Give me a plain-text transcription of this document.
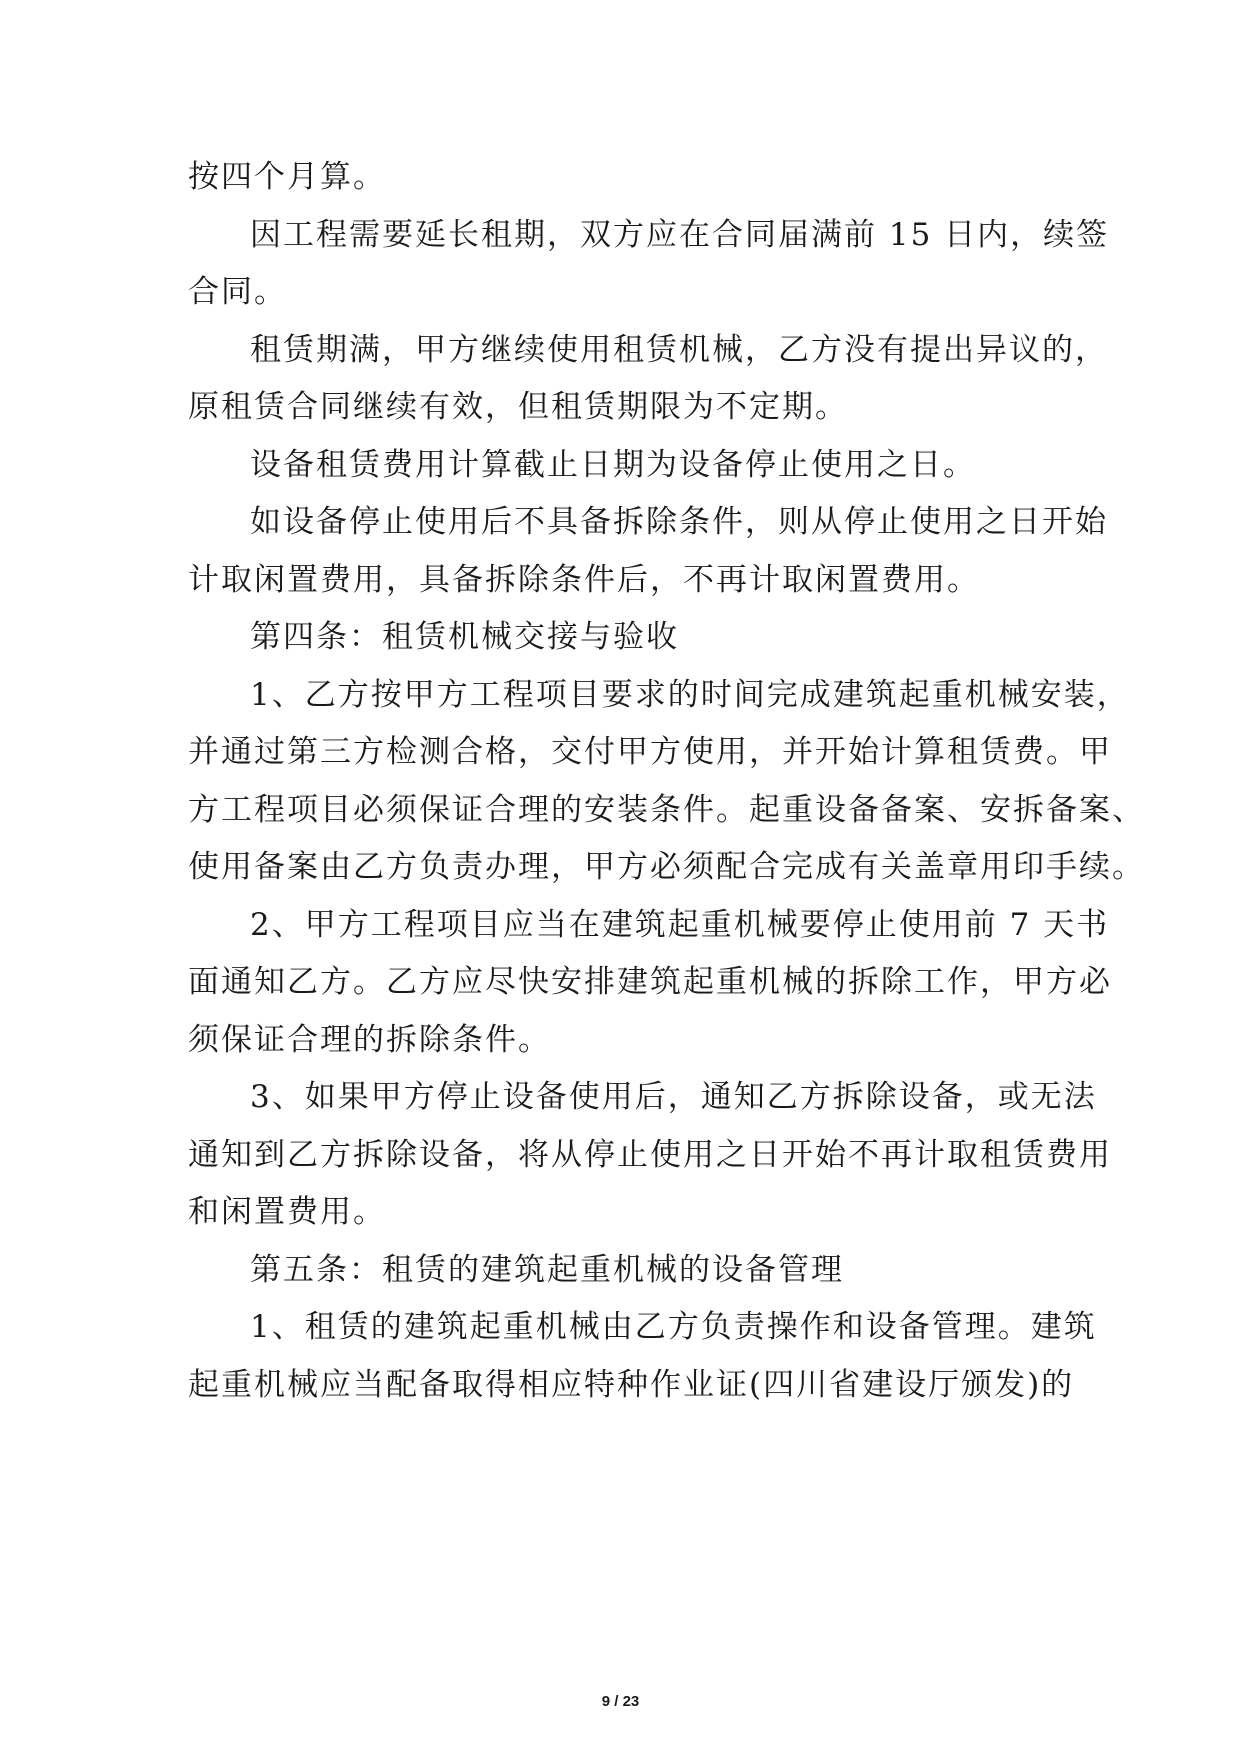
按四个月算。
因工程需要延长租期，双方应在合同届满前 15 日内，续签
合同。
租赁期满，甲方继续使用租赁机械，乙方没有提出异议的，
原租赁合同继续有效，但租赁期限为不定期。
设备租赁费用计算截止日期为设备停止使用之日。
如设备停止使用后不具备拆除条件，则从停止使用之日开始
计取闲置费用，具备拆除条件后，不再计取闲置费用。
第四条：租赁机械交接与验收
1、乙方按甲方工程项目要求的时间完成建筑起重机械安装，
并通过第三方检测合格，交付甲方使用，并开始计算租赁费。甲
方工程项目必须保证合理的安装条件。起重设备备案、安拆备案、
使用备案由乙方负责办理，甲方必须配合完成有关盖章用印手续。
2、甲方工程项目应当在建筑起重机械要停止使用前 7 天书
面通知乙方。乙方应尽快安排建筑起重机械的拆除工作，甲方必
须保证合理的拆除条件。
3、如果甲方停止设备使用后，通知乙方拆除设备，或无法
通知到乙方拆除设备，将从停止使用之日开始不再计取租赁费用
和闲置费用。
第五条：租赁的建筑起重机械的设备管理
1、租赁的建筑起重机械由乙方负责操作和设备管理。建筑
起重机械应当配备取得相应特种作业证(四川省建设厅颁发)的
9 / 23
